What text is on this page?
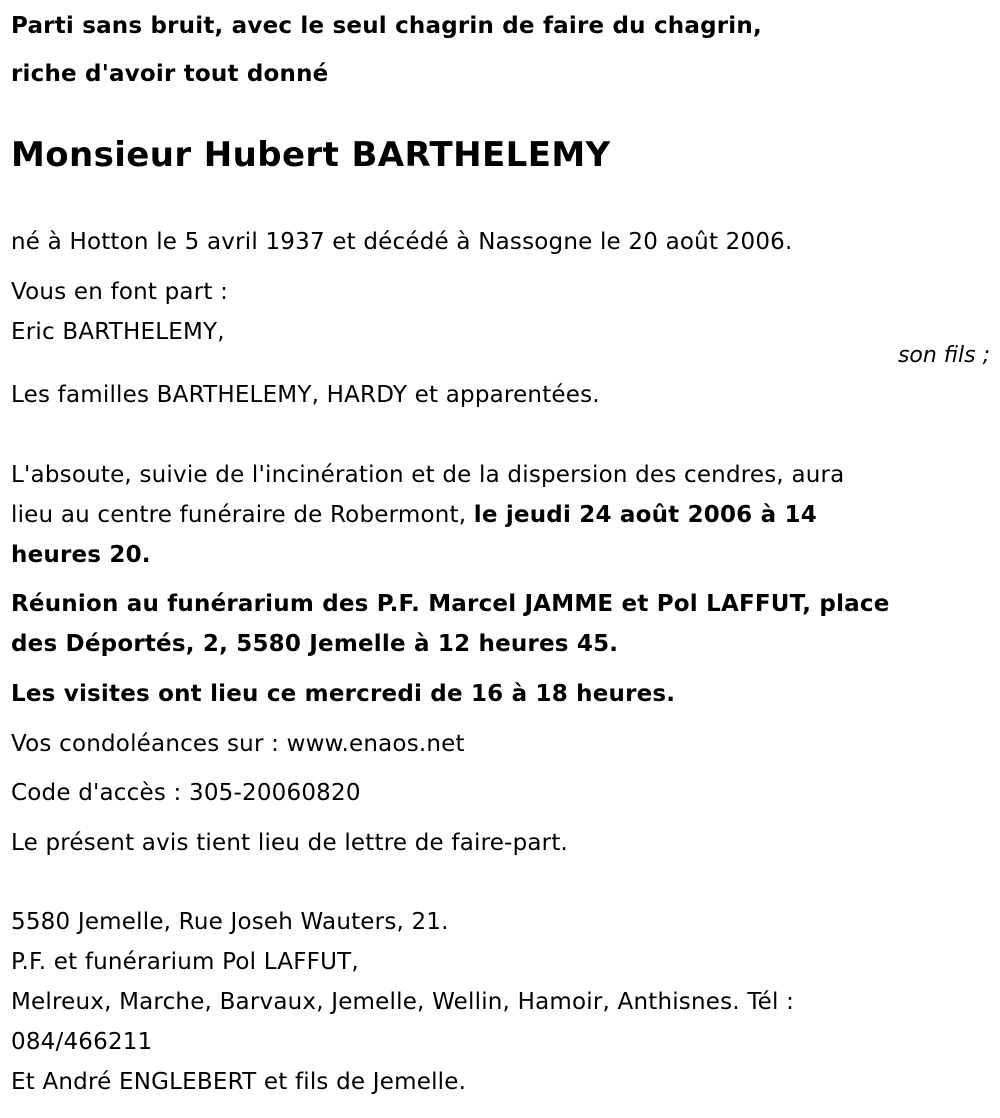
Parti sans bruit, avec le seul chagrin de faire du chagrin,

riche d'avoir tout donné

Monsieur Hubert BARTHELEMY

né à Hotton le 5 avril 1937 et décédé à Nassogne le 20 août 2006.

Vous en font part :

Eric BARTHELEMY,

son fils ;

Les familles BARTHELEMY, HARDY et apparentées.

L'absoute, suivie de l'incinération et de la dispersion des cendres, aura

lieu au centre funéraire de Robermont, le jeudi 24 août 2006 à 14

heures 20.

Réunion au funérarium des P.F. Marcel JAMME et Pol LAFFUT, place

des Déportés, 2, 5580 Jemelle à 12 heures 45.

Les visites ont lieu ce mercredi de 16 à 18 heures.

Vos condoléances sur : www.enaos.net

Code d'accès : 305-20060820

Le présent avis tient lieu de lettre de faire-part.

5580 Jemelle, Rue Joseh Wauters, 21.

P.F. et funérarium Pol LAFFUT,

Melreux, Marche, Barvaux, Jemelle, Wellin, Hamoir, Anthisnes. Tél :

084/466211

Et André ENGLEBERT et fils de Jemelle.
